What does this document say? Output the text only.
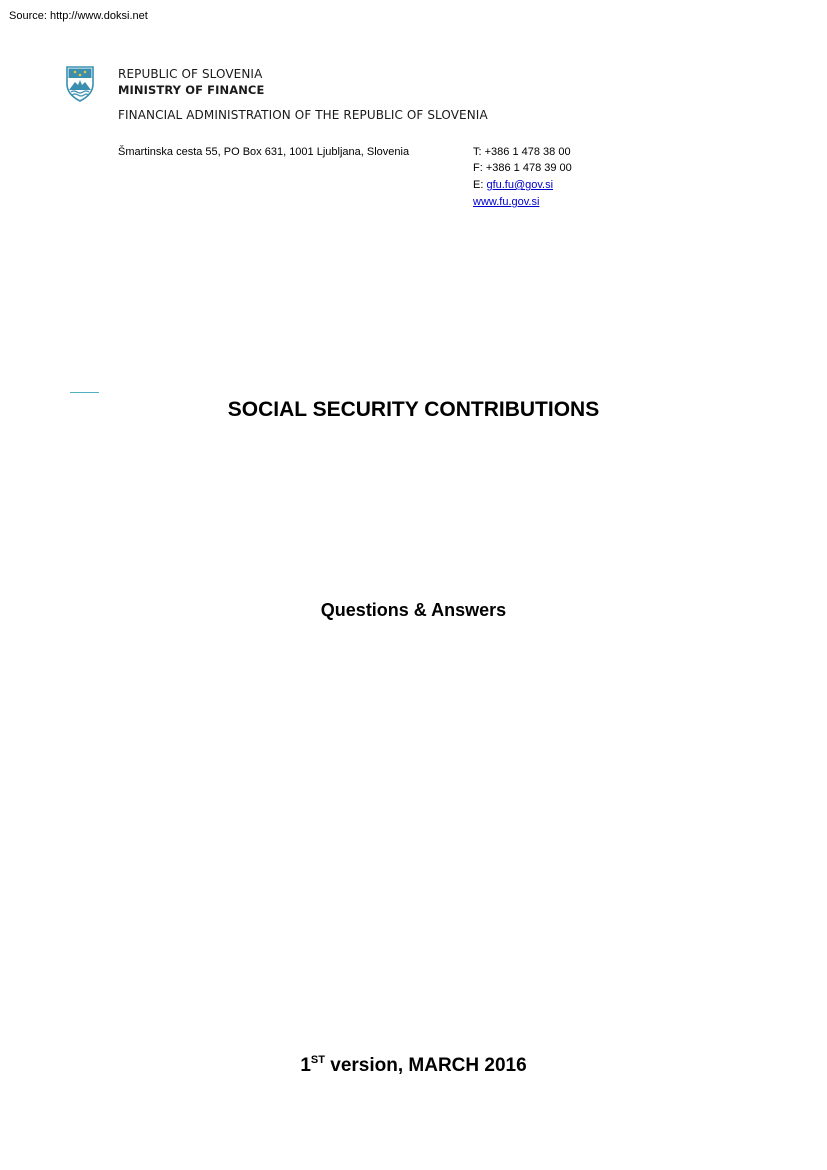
Source: http://www.doksi.net
REPUBLIC OF SLOVENIA
MINISTRY OF FINANCE
FINANCIAL ADMINISTRATION OF THE REPUBLIC OF SLOVENIA
Šmartinska cesta 55, PO Box 631, 1001 Ljubljana, Slovenia	T: +386 1 478 38 00
F: +386 1 478 39 00
E: gfu.fu@gov.si
www.fu.gov.si
SOCIAL SECURITY CONTRIBUTIONS
Questions & Answers
1ST version, MARCH 2016
